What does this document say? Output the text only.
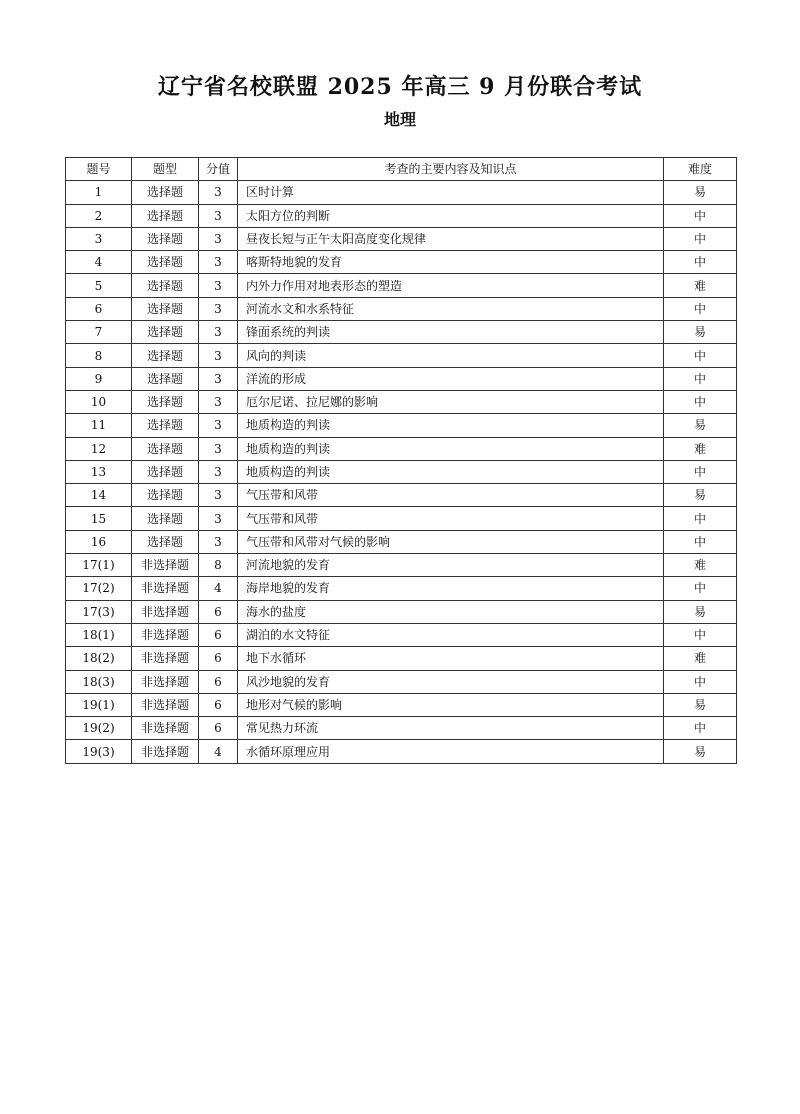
辽宁省名校联盟 2025 年高三 9 月份联合考试
地理
题号	题型	分值	考查的主要内容及知识点	难度
1	选择题	3	区时计算	易
2	选择题	3	太阳方位的判断	中
3	选择题	3	昼夜长短与正午太阳高度变化规律	中
4	选择题	3	喀斯特地貌的发育	中
5	选择题	3	内外力作用对地表形态的塑造	难
6	选择题	3	河流水文和水系特征	中
7	选择题	3	锋面系统的判读	易
8	选择题	3	风向的判读	中
9	选择题	3	洋流的形成	中
10	选择题	3	厄尔尼诺、拉尼娜的影响	中
11	选择题	3	地质构造的判读	易
12	选择题	3	地质构造的判读	难
13	选择题	3	地质构造的判读	中
14	选择题	3	气压带和风带	易
15	选择题	3	气压带和风带	中
16	选择题	3	气压带和风带对气候的影响	中
17(1)	非选择题	8	河流地貌的发育	难
17(2)	非选择题	4	海岸地貌的发育	中
17(3)	非选择题	6	海水的盐度	易
18(1)	非选择题	6	湖泊的水文特征	中
18(2)	非选择题	6	地下水循环	难
18(3)	非选择题	6	风沙地貌的发育	中
19(1)	非选择题	6	地形对气候的影响	易
19(2)	非选择题	6	常见热力环流	中
19(3)	非选择题	4	水循环原理应用	易
